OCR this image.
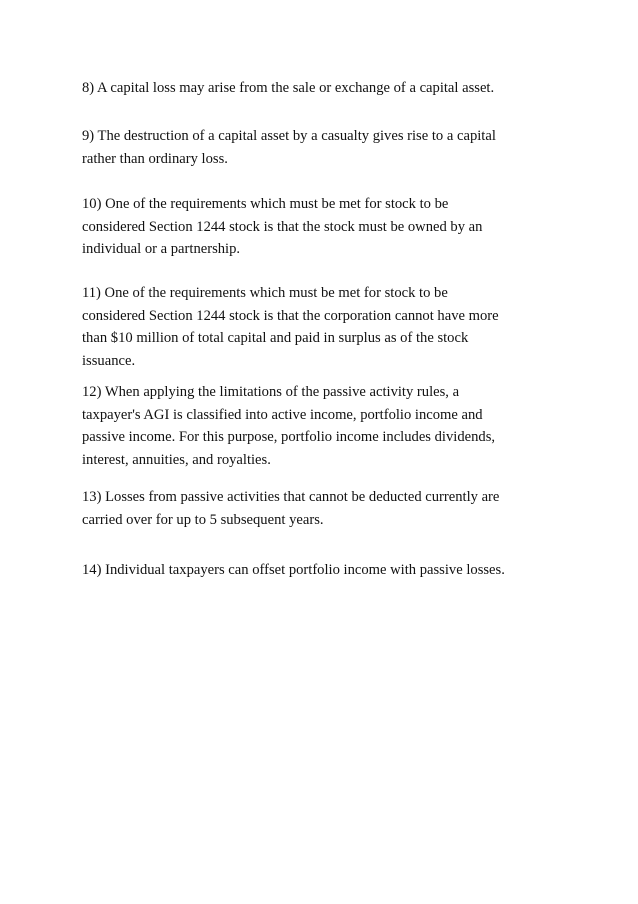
8) A capital loss may arise from the sale or exchange of a capital asset.

9) The destruction of a capital asset by a casualty gives rise to a capital
rather than ordinary loss.

10) One of the requirements which must be met for stock to be
considered Section 1244 stock is that the stock must be owned by an
individual or a partnership.

11) One of the requirements which must be met for stock to be
considered Section 1244 stock is that the corporation cannot have more
than $10 million of total capital and paid in surplus as of the stock
issuance.

12) When applying the limitations of the passive activity rules, a
taxpayer's AGI is classified into active income, portfolio income and
passive income. For this purpose, portfolio income includes dividends,
interest, annuities, and royalties.

13) Losses from passive activities that cannot be deducted currently are
carried over for up to 5 subsequent years.

14) Individual taxpayers can offset portfolio income with passive losses.
